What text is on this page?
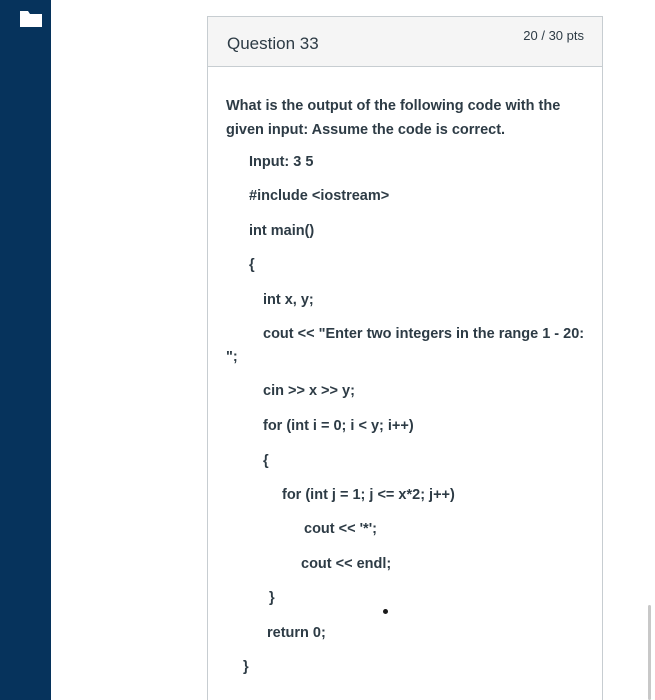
Question 33	20 / 30 pts
What is the output of the following code with the given input: Assume the code is correct.
Input: 3 5
#include <iostream>
int main()
{
int x, y;
cout << "Enter two integers in the range 1 - 20:
";
cin >> x >> y;
for (int i = 0; i < y; i++)
{
for (int j = 1; j <= x*2; j++)
cout << '*';
cout << endl;
}
return 0;
}
